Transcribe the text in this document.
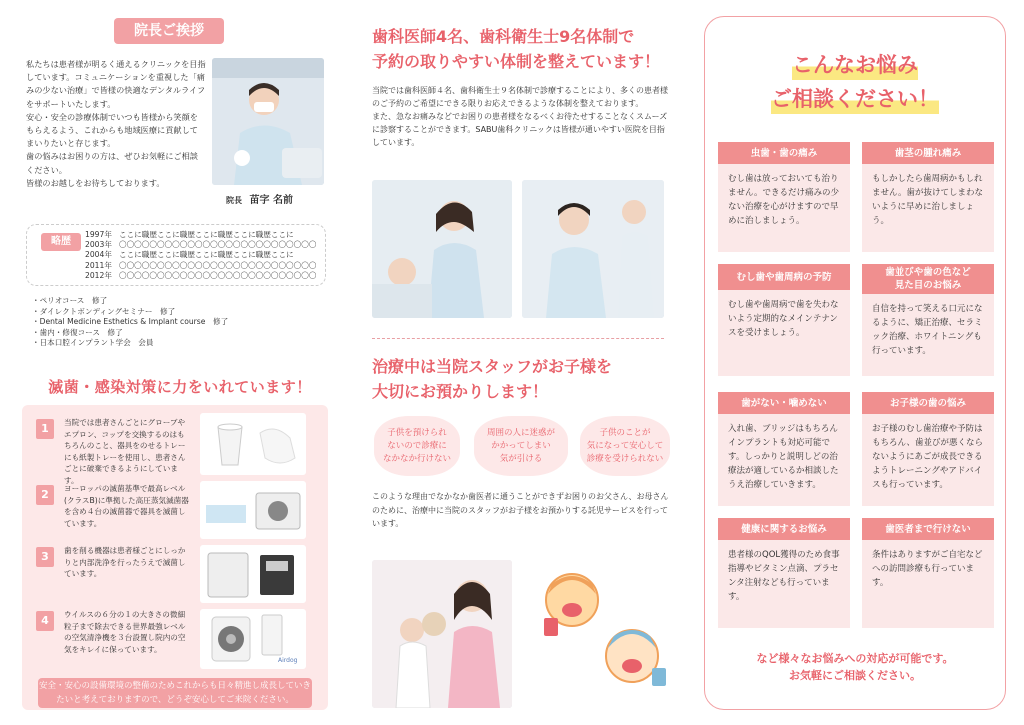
院長ご挨拶
私たちは患者様が明るく通えるクリニックを目指しています。コミュニケーションを重視した「痛みの少ない治療」で皆様の快適なデンタルライフをサポートいたします。
安心・安全の診療体制でいつも皆様から笑顔をもらえるよう、これからも地域医療に貢献してまいりたいと存じます。
歯の悩みはお困りの方は、ぜひお気軽にご相談ください。
皆様のお越しをお待ちしております。
院長 苗字 名前
略歴
1997年 ここに職歴ここに職歴ここに職歴ここに職歴ここに
2003年 〇〇〇〇〇〇〇〇〇〇〇〇〇〇〇〇〇〇〇〇〇〇〇〇〇〇
2004年 ここに職歴ここに職歴ここに職歴ここに職歴ここに
2011年 〇〇〇〇〇〇〇〇〇〇〇〇〇〇〇〇〇〇〇〇〇〇〇〇〇〇
2012年 〇〇〇〇〇〇〇〇〇〇〇〇〇〇〇〇〇〇〇〇〇〇〇〇〇〇
・ペリオコース　修了
・ダイレクトボンディングセミナー　修了
・Dental Medicine Esthetics & Implant course　修了
・歯内・修復コース　修了
・日本口腔インプラント学会　会員
滅菌・感染対策に力をいれています！
1	当院では患者さんごとにグローブやエプロン、コップを交換するのはもちろんのこと、器具をのせるトレーにも紙製トレーを使用し、患者さんごとに破棄できるようにしています。
2	ヨーロッパの滅菌基準で最高レベル(クラスB)に準拠した高圧蒸気滅菌器を含め４台の滅菌器で器具を滅菌しています。
3	歯を削る機器は患者様ごとにしっかりと内部洗浄を行ったうえで滅菌しています。
4	ウイルスの６分の１の大きさの微細粒子まで除去できる世界最強レベルの空気清浄機を３台設置し院内の空気をキレイに保っています。
Airdog
安全・安心の設備環境の整備のためこれからも日々精進し成長していきたいと考えておりますので、どうぞ安心してご来院ください。
歯科医師4名、歯科衛生士9名体制で
予約の取りやすい体制を整えています！
当院では歯科医師４名、歯科衛生士９名体制で診療することにより、多くの患者様のご予約のご希望にできる限りお応えできるような体制を整えております。
また、急なお痛みなどでお困りの患者様をなるべくお待たせすることなくスムーズに診察することができます。SABU歯科クリニックは皆様が通いやすい医院を目指しています。
治療中は当院スタッフがお子様を
大切にお預かりします！
子供を預けられ
ないので診療に
なかなか行けない
周囲の人に迷惑が
かかってしまい
気が引ける
子供のことが
気になって安心して
診療を受けられない
このような理由でなかなか歯医者に通うことができずお困りのお父さん、お母さんのために、治療中に当院のスタッフがお子様をお預かりする託児サービスを行っています。
こんなお悩み
ご相談ください！
虫歯・歯の痛み
むし歯は放っておいても治りません。できるだけ痛みの少ない治療を心がけますので早めに治しましょう。
歯茎の腫れ痛み
もしかしたら歯周病かもしれません。歯が抜けてしまわないように早めに治しましょう。
むし歯や歯周病の予防
むし歯や歯周病で歯を失わないよう定期的なメインテナンスを受けましょう。
歯並びや歯の色など
見た目のお悩み
自信を持って笑える口元になるように、矯正治療、セラミック治療、ホワイトニングも行っています。
歯がない・噛めない
入れ歯、ブリッジはもちろんインプラントも対応可能です。しっかりと説明しどの治療法が適しているか相談したうえ治療していきます。
お子様の歯の悩み
お子様のむし歯治療や予防はもちろん、歯並びが悪くならないようにあごが成長できるようトレーニングやアドバイスも行っています。
健康に関するお悩み
患者様のQOL獲得のため食事指導やビタミン点滴、プラセンタ注射なども行っています。
歯医者まで行けない
条件はありますがご自宅などへの訪問診療も行っています。
など様々なお悩みへの対応が可能です。
お気軽にご相談ください。
